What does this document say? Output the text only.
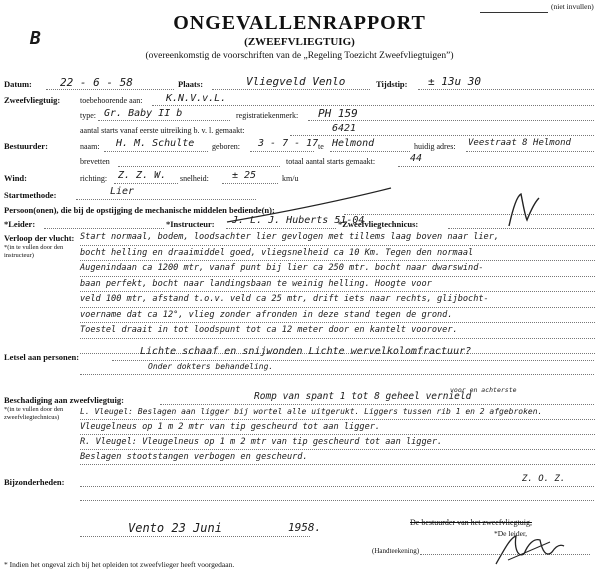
(niet invullen)
B
ONGEVALLENRAPPORT
(ZWEEFVLIEGTUIG)
(overeenkomstig de voorschriften van de „Regeling Toezicht Zweefvliegtuigen”)
Datum:	22 - 6 - 58	Plaats:	Vliegveld Venlo	Tijdstip: ± 13u 30
Zweefvliegtuig: toebehoorende aan: K.N.V.v.L.
type: Gr. Baby II b	registratiekenmerk: PH 159
aantal starts vanaf eerste uitreiking b. v. l. gemaakt:	6421
Bestuurder:	naam: H. M. Schulte geboren: 3 - 7 - 17 te Helmond	huidig adres: Veestraat 8 Helmond
brevetten	totaal aantal starts gemaakt:	44
Wind:	richting: Z. Z. W. snelheid: ± 25	km/u
Startmethode:	Lier
Persoon(onen), die bij de opstijging de mechanische middelen bediende(n):
*Leider:	*Instructeur: J. L. J. Huberts 51-04
*Zweefvliegtechnicus:
Verloop der vlucht:
*(in te vullen door den instructeur)
Start normaal, bodem, loodsachter lier gevlogen met tillems laag boven naar lier,
bocht helling en draaimiddel goed, vliegsnelheid ca 10 Km. Tegen den normaal
Augenindaan ca 1200 mtr, vanaf punt bij lier ca 250 mtr. bocht naar dwarswind-
baan perfekt, bocht naar landingsbaan te weinig helling. Hoogte voor
veld 100 mtr, afstand t.o.v. veld ca 25 mtr, drift iets naar rechts, glijbocht-
voername dat ca 12°, vlieg zonder afronden in deze stand tegen de grond.
Toestel draait in tot loodspunt tot ca 12 meter door en kantelt voorover.
Letsel aan personen:	Lichte schaaf en snijwonden Lichte wervelkolomfractuur?
Onder dokters behandeling.
Beschadiging aan zweefvliegtuig:
*(in te vullen door den zweefvliegtechnicus)
Romp van spant 1 tot 8 geheel vernield
voor en achterste
L. Vleugel: Beslagen aan ligger bij wortel alle uitgerukt. Liggers tussen rib 1 en 2 afgebroken.
Vleugelneus op 1 m 2 mtr van tip gescheurd tot aan ligger.
R. Vleugel: Vleugelneus op 1 m 2 mtr van tip gescheurd tot aan ligger.
Beslagen stootstangen verbogen en gescheurd.
Bijzonderheden:	Z. O. Z.
Vento 23 Juni	1958.	De bestuurder van het zweefvliegtuig,
*De leider,
(Handteekening)
* Indien het ongeval zich bij het opleiden tot zweefvlieger heeft voorgedaan.
